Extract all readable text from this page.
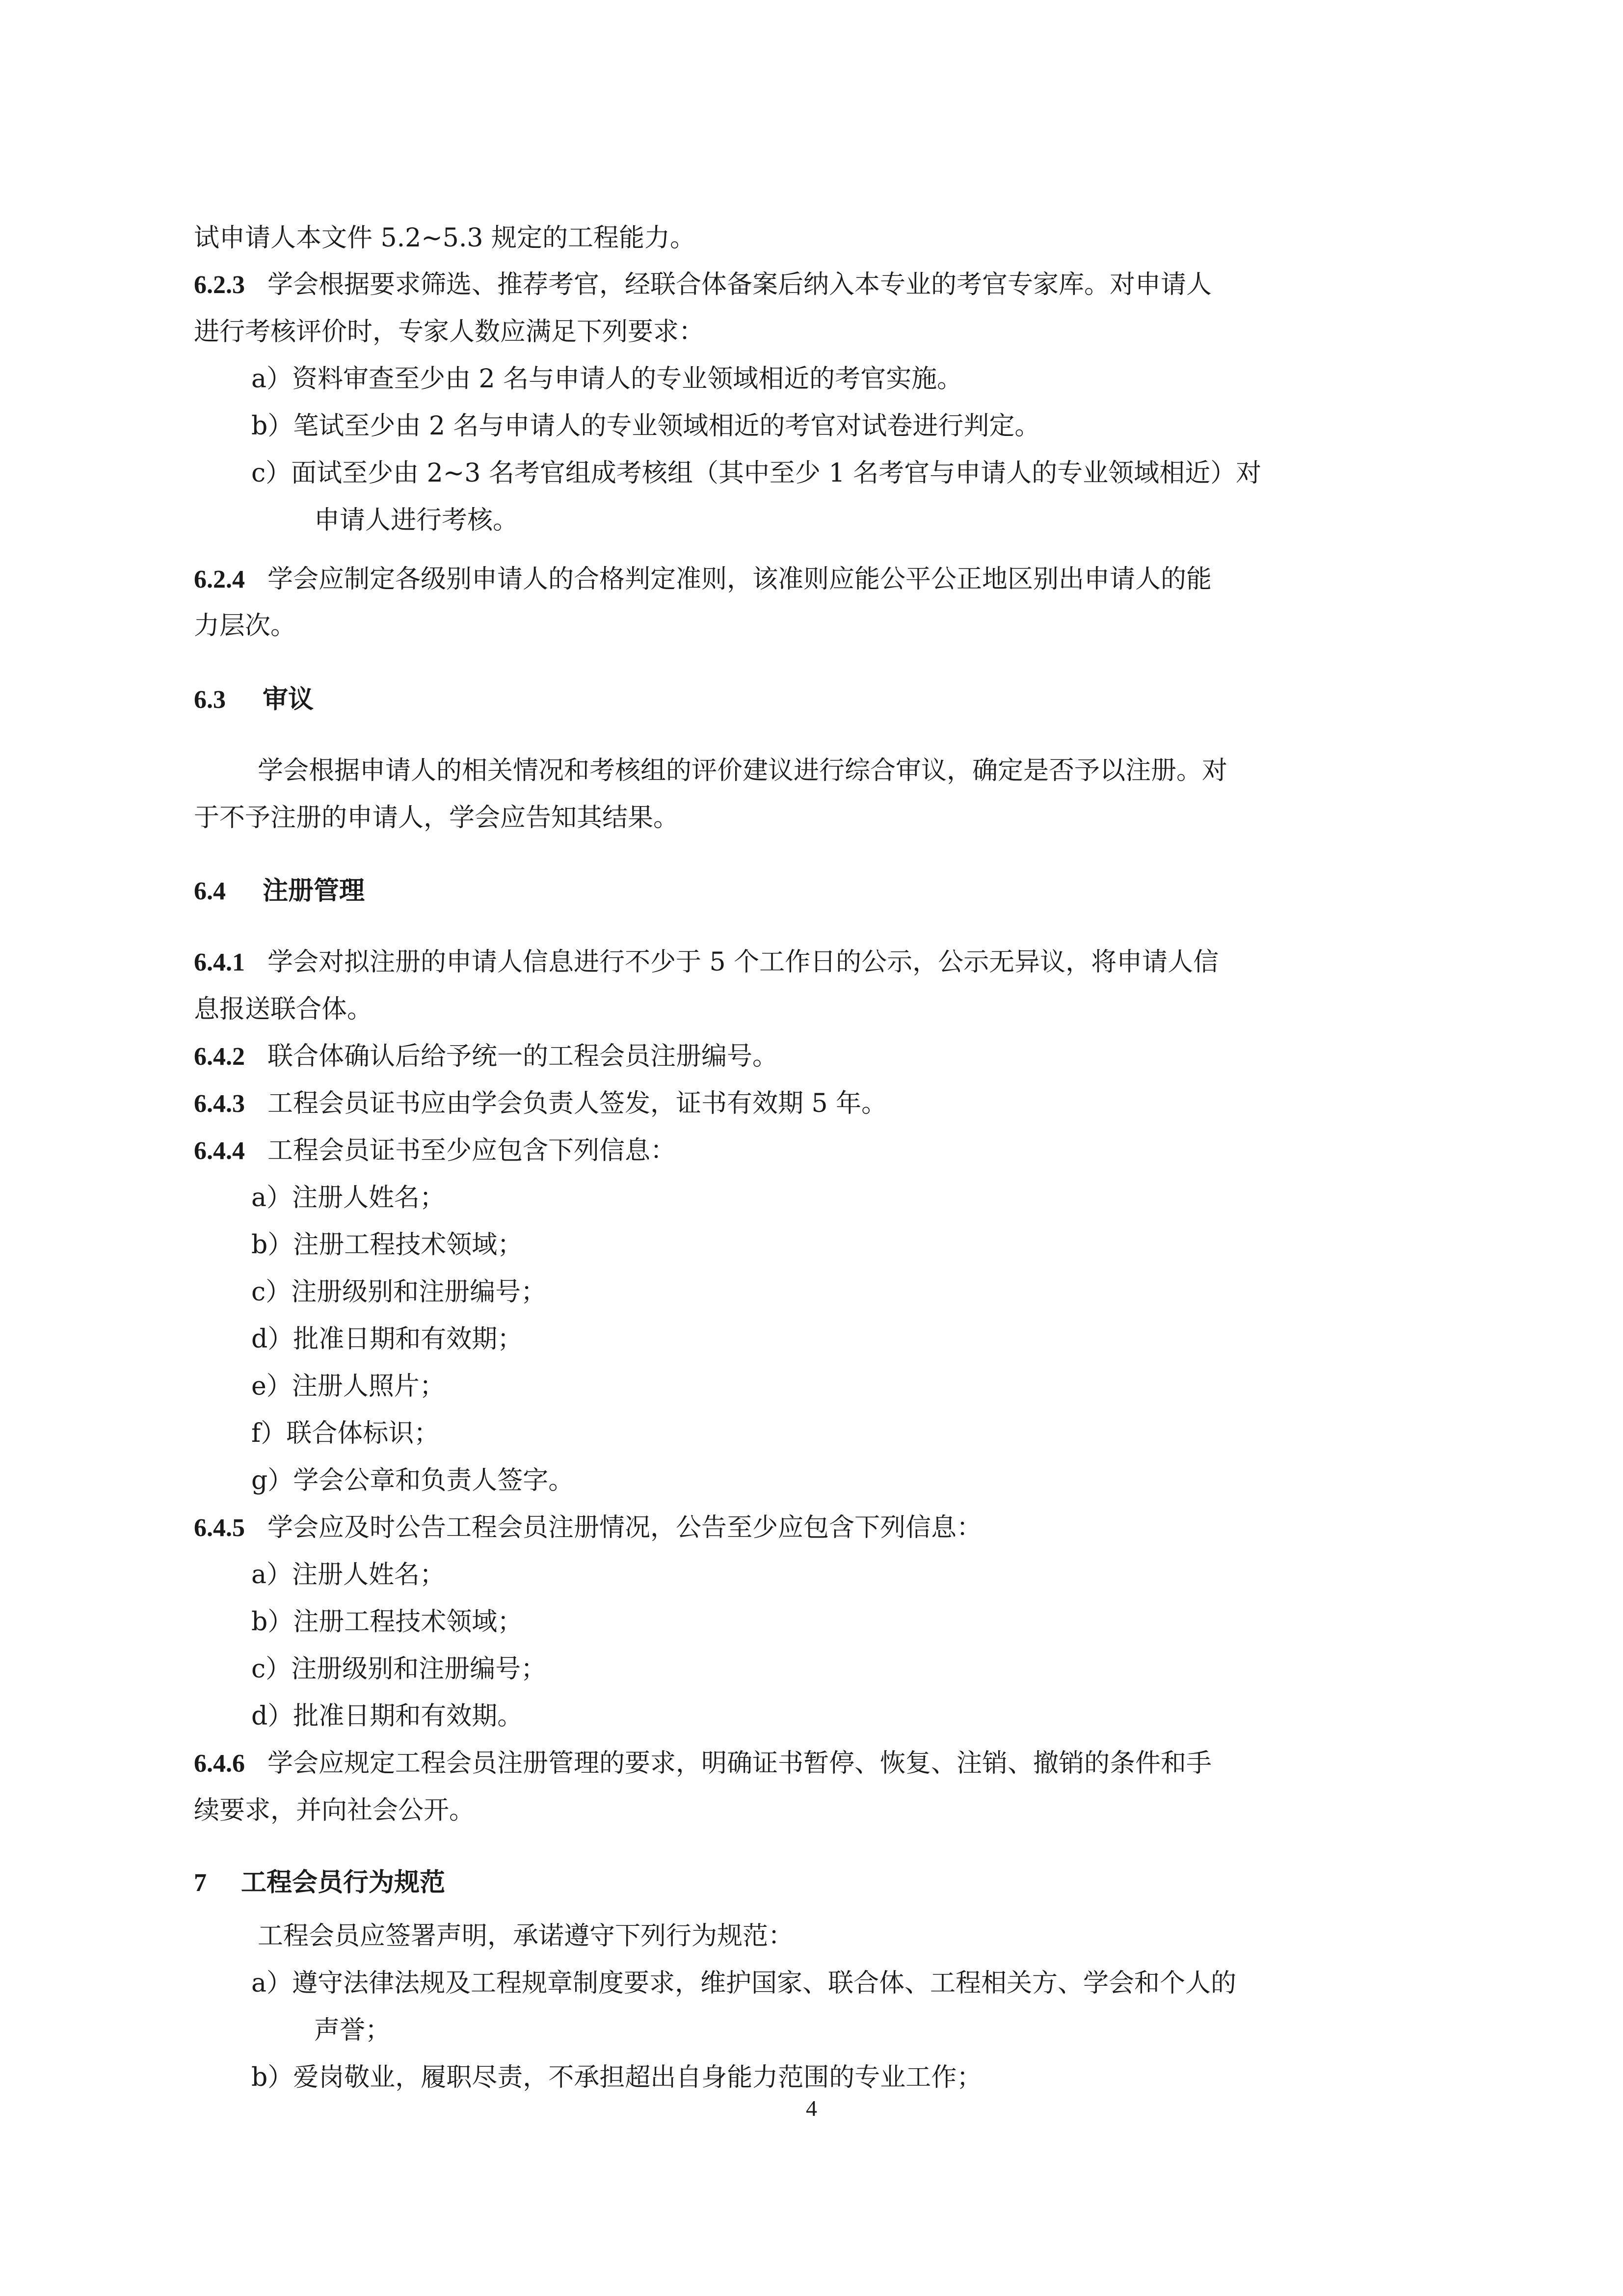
试申请人本文件 5.2~5.3 规定的工程能力。

6.2.3 学会根据要求筛选、推荐考官，经联合体备案后纳入本专业的考官专家库。对申请人

进行考核评价时，专家人数应满足下列要求：

a）资料审查至少由 2 名与申请人的专业领域相近的考官实施。

b）笔试至少由 2 名与申请人的专业领域相近的考官对试卷进行判定。

c）面试至少由 2~3 名考官组成考核组（其中至少 1 名考官与申请人的专业领域相近）对

申请人进行考核。

6.2.4 学会应制定各级别申请人的合格判定准则，该准则应能公平公正地区别出申请人的能

力层次。

6.3 审议

学会根据申请人的相关情况和考核组的评价建议进行综合审议，确定是否予以注册。对

于不予注册的申请人，学会应告知其结果。

6.4 注册管理

6.4.1 学会对拟注册的申请人信息进行不少于 5 个工作日的公示，公示无异议，将申请人信

息报送联合体。

6.4.2 联合体确认后给予统一的工程会员注册编号。

6.4.3 工程会员证书应由学会负责人签发，证书有效期 5 年。

6.4.4 工程会员证书至少应包含下列信息：

a）注册人姓名；

b）注册工程技术领域；

c）注册级别和注册编号；

d）批准日期和有效期；

e）注册人照片；

f）联合体标识；

g）学会公章和负责人签字。

6.4.5 学会应及时公告工程会员注册情况，公告至少应包含下列信息：

a）注册人姓名；

b）注册工程技术领域；

c）注册级别和注册编号；

d）批准日期和有效期。

6.4.6 学会应规定工程会员注册管理的要求，明确证书暂停、恢复、注销、撤销的条件和手

续要求，并向社会公开。

7 工程会员行为规范

工程会员应签署声明，承诺遵守下列行为规范：

a）遵守法律法规及工程规章制度要求，维护国家、联合体、工程相关方、学会和个人的

声誉；

b）爱岗敬业，履职尽责，不承担超出自身能力范围的专业工作；

4
